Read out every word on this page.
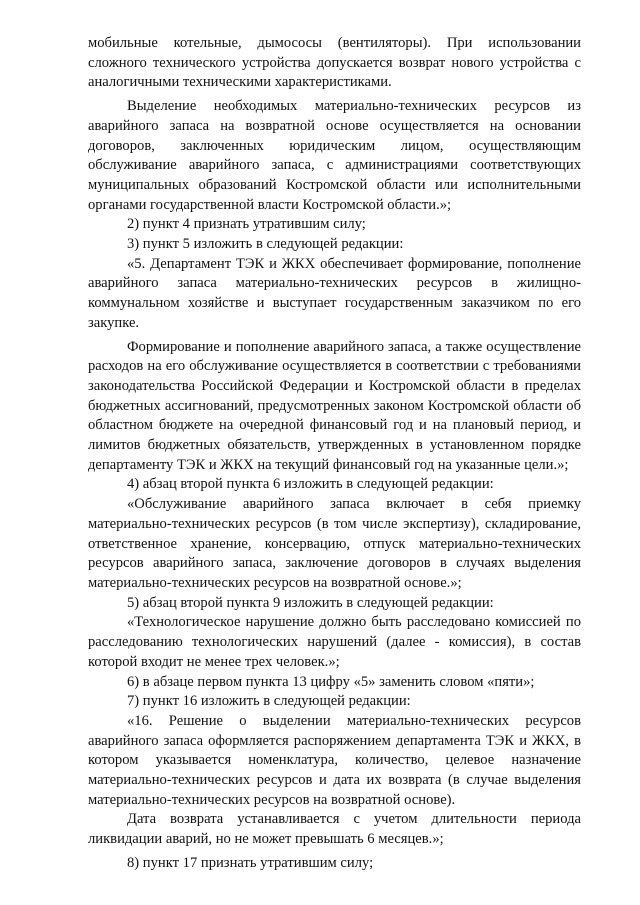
мобильные котельные, дымососы (вентиляторы). При использовании сложного технического устройства допускается возврат нового устройства с аналогичными техническими характеристиками.

Выделение необходимых материально-технических ресурсов из аварийного запаса на возвратной основе осуществляется на основании договоров, заключенных юридическим лицом, осуществляющим обслуживание аварийного запаса, с администрациями соответствующих муниципальных образований Костромской области или исполнительными органами государственной власти Костромской области.»;

2) пункт 4 признать утратившим силу;

3) пункт 5 изложить в следующей редакции:

«5. Департамент ТЭК и ЖКХ обеспечивает формирование, пополнение аварийного запаса материально-технических ресурсов в жилищно-коммунальном хозяйстве и выступает государственным заказчиком по его закупке.

Формирование и пополнение аварийного запаса, а также осуществление расходов на его обслуживание осуществляется в соответствии с требованиями законодательства Российской Федерации и Костромской области в пределах бюджетных ассигнований, предусмотренных законом Костромской области об областном бюджете на очередной финансовый год и на плановый период, и лимитов бюджетных обязательств, утвержденных в установленном порядке департаменту ТЭК и ЖКХ на текущий финансовый год на указанные цели.»;

4) абзац второй пункта 6 изложить в следующей редакции:

«Обслуживание аварийного запаса включает в себя приемку материально-технических ресурсов (в том числе экспертизу), складирование, ответственное хранение, консервацию, отпуск материально-технических ресурсов аварийного запаса, заключение договоров в случаях выделения материально-технических ресурсов на возвратной основе.»;

5) абзац второй пункта 9 изложить в следующей редакции:

«Технологическое нарушение должно быть расследовано комиссией по расследованию технологических нарушений (далее - комиссия), в состав которой входит не менее трех человек.»;

6) в абзаце первом пункта 13 цифру «5» заменить словом «пяти»;

7) пункт 16 изложить в следующей редакции:

«16. Решение о выделении материально-технических ресурсов аварийного запаса оформляется распоряжением департамента ТЭК и ЖКХ, в котором указывается номенклатура, количество, целевое назначение материально-технических ресурсов и дата их возврата (в случае выделения материально-технических ресурсов на возвратной основе).

Дата возврата устанавливается с учетом длительности периода ликвидации аварий, но не может превышать 6 месяцев.»;

8) пункт 17 признать утратившим силу;
